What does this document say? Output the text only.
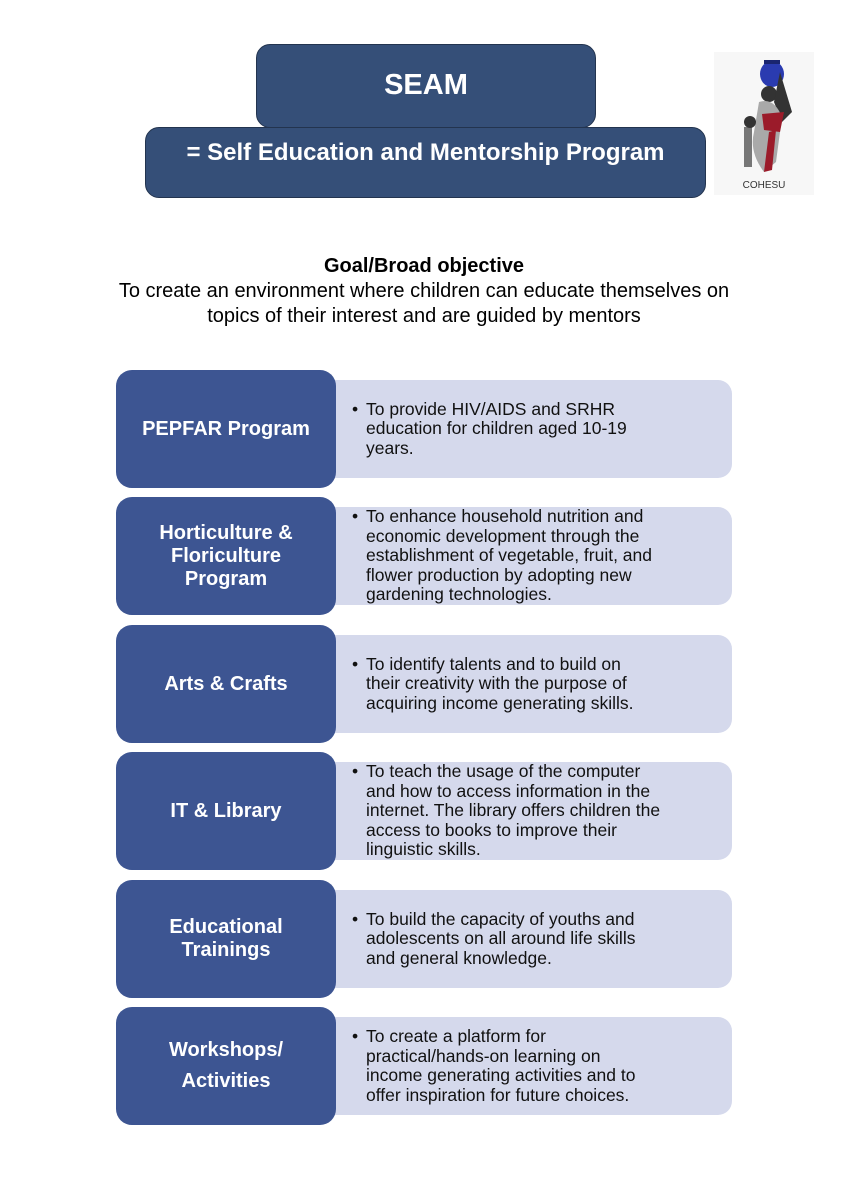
SEAM
= Self Education and Mentorship Program
COHESU
Goal/Broad objective
To create an environment where children can educate themselves on
topics of their interest and are guided by mentors
PEPFAR Program
• To provide HIV/AIDS and SRHR
education for children aged 10-19
years.
Horticulture &
Floriculture
Program
• To enhance household nutrition and
economic development through the
establishment of vegetable, fruit, and
flower production by adopting new
gardening technologies.
Arts & Crafts
• To identify talents and to build on
their creativity with the purpose of
acquiring income generating skills.
IT & Library
• To teach the usage of the computer
and how to access information in the
internet. The library offers children the
access to books to improve their
linguistic skills.
Educational
Trainings
• To build the capacity of youths and
adolescents on all around life skills
and general knowledge.
Workshops/
Activities
• To create a platform for
practical/hands-on learning on
income generating activities and to
offer inspiration for future choices.
